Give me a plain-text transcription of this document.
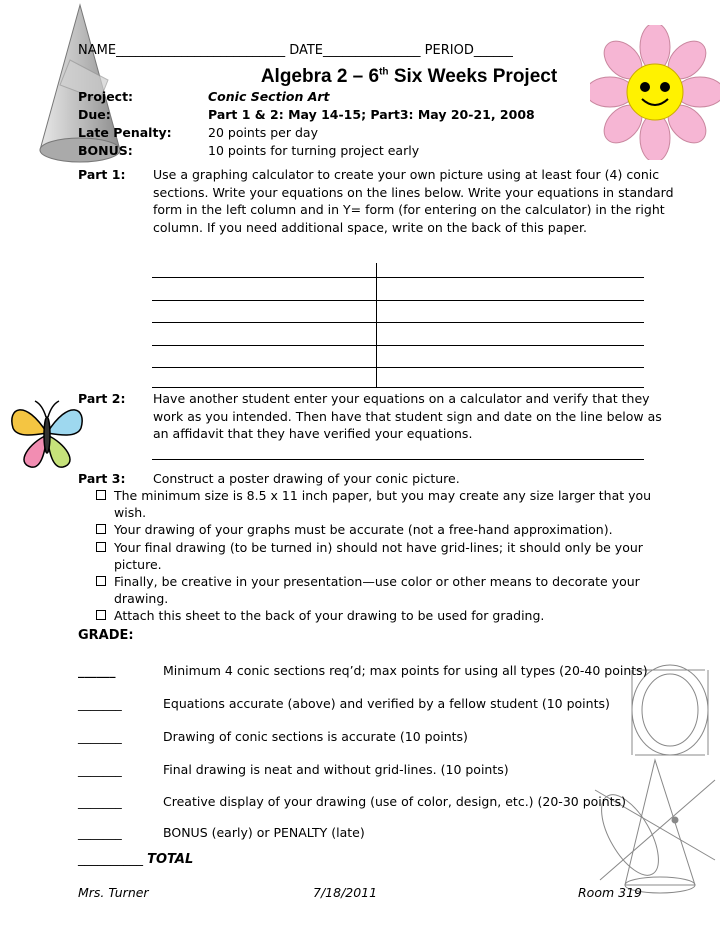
NAME__________________________ DATE_______________ PERIOD______
Algebra 2 – 6th Six Weeks Project
Project:	Conic Section Art
Due:	Part 1 & 2: May 14-15; Part3: May 20-21, 2008
Late Penalty:	20 points per day
BONUS:	10 points for turning project early
Part 1:	Use a graphing calculator to create your own picture using at least four (4) conic sections. Write your equations on the lines below. Write your equations in standard form in the left column and in Y= form (for entering on the calculator) in the right column. If you need additional space, write on the back of this paper.
Part 2:	Have another student enter your equations on a calculator and verify that they work as you intended. Then have that student sign and date on the line below as an affidavit that they have verified your equations.
Part 3:	Construct a poster drawing of your conic picture.
The minimum size is 8.5 x 11 inch paper, but you may create any size larger that you wish.
Your drawing of your graphs must be accurate (not a free-hand approximation).
Your final drawing (to be turned in) should not have grid-lines; it should only be your picture.
Finally, be creative in your presentation—use color or other means to decorate your drawing.
Attach this sheet to the back of your drawing to be used for grading.
GRADE:
______	Minimum 4 conic sections req’d; max points for using all types (20-40 points)
_______	Equations accurate (above) and verified by a fellow student (10 points)
_______	Drawing of conic sections is accurate (10 points)
_______	Final drawing is neat and without grid-lines. (10 points)
_______	Creative display of your drawing (use of color, design, etc.) (20-30 points)
_______	BONUS (early) or PENALTY (late)
__________ TOTAL
Mrs. Turner	7/18/2011	Room 319
